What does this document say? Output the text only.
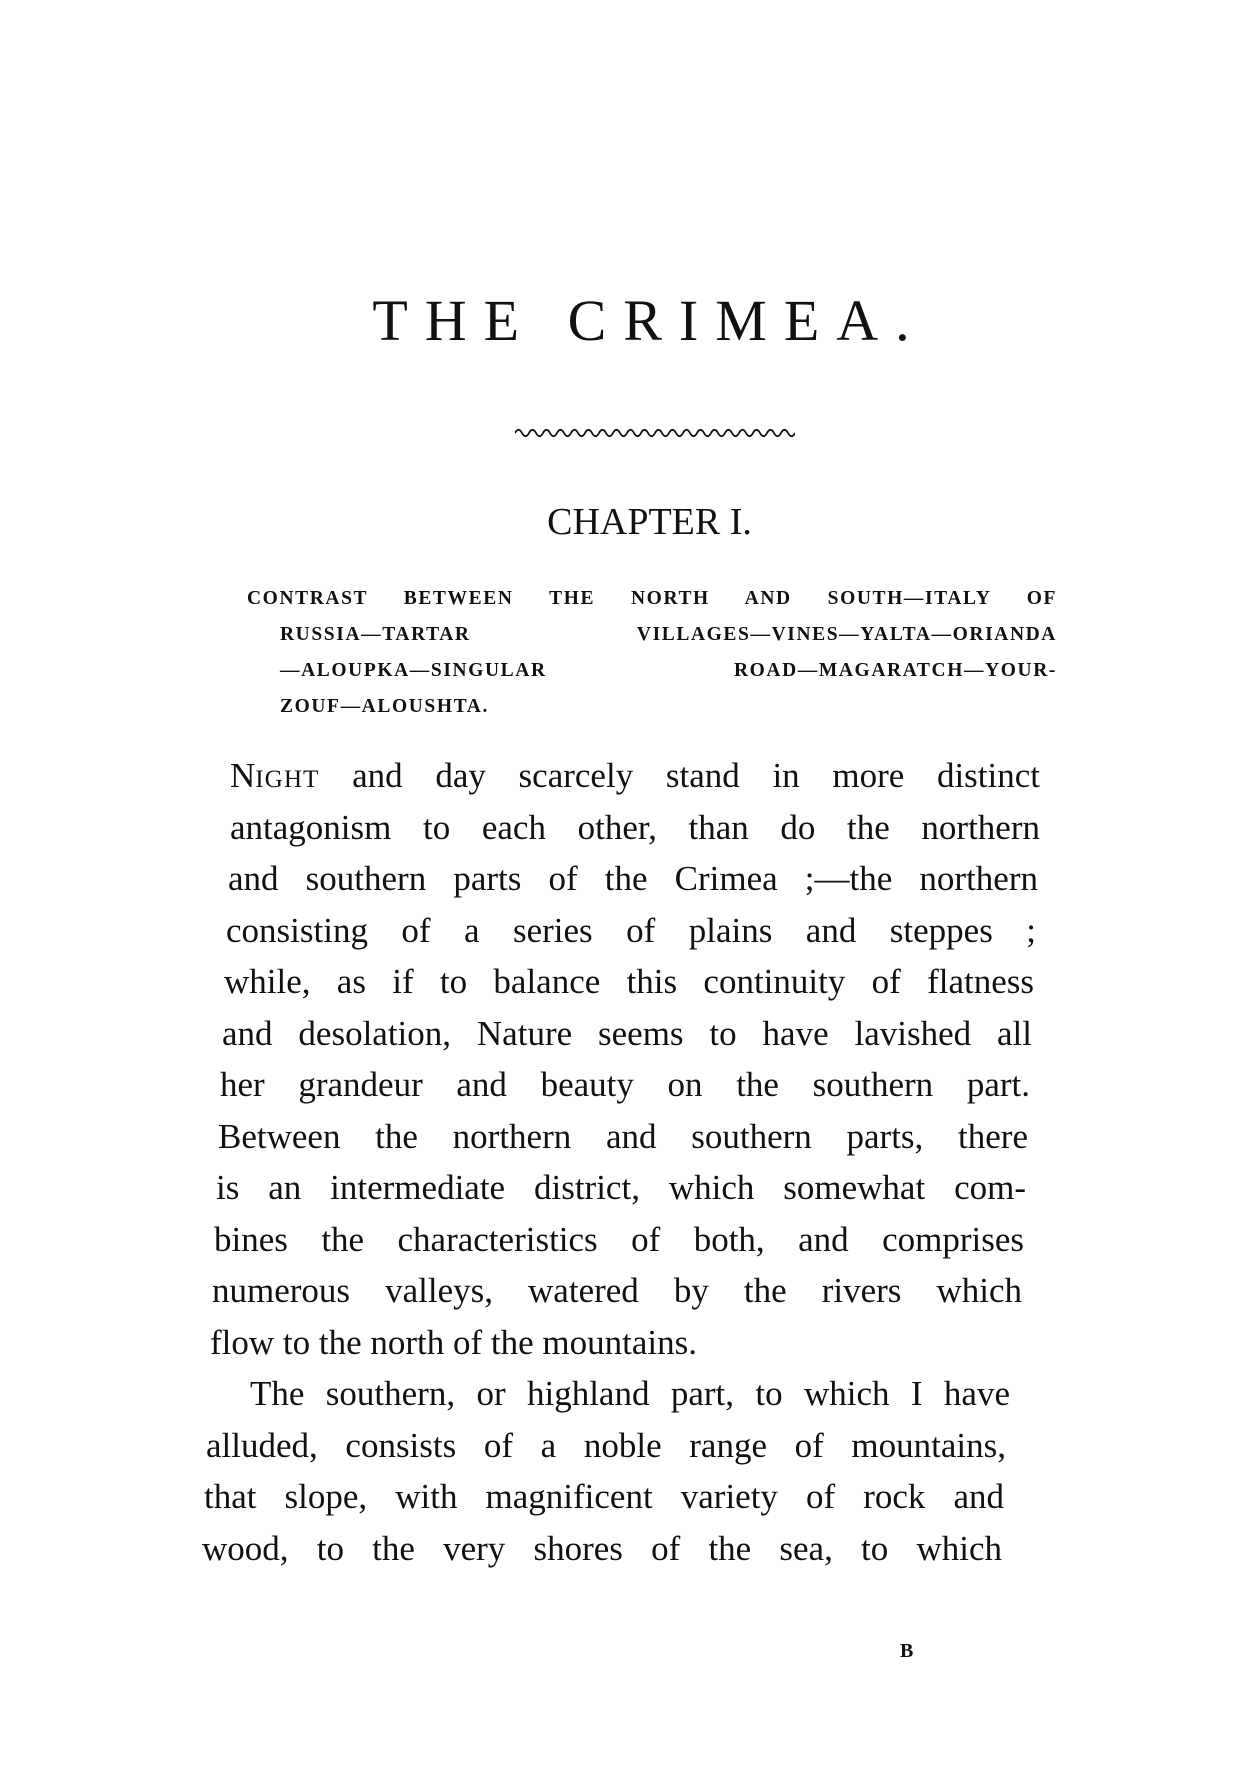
THE CRIMEA.
CHAPTER I.
CONTRAST BETWEEN THE NORTH AND SOUTH—ITALY OF
RUSSIA—TARTAR VILLAGES—VINES—YALTA—ORIANDA
—ALOUPKA—SINGULAR ROAD—MAGARATCH—YOUR-
ZOUF—ALOUSHTA.
NIGHT and day scarcely stand in more distinct
antagonism to each other, than do the northern
and southern parts of the Crimea ;—the northern
consisting of a series of plains and steppes ;
while, as if to balance this continuity of flatness
and desolation, Nature seems to have lavished all
her grandeur and beauty on the southern part.
Between the northern and southern parts, there
is an intermediate district, which somewhat com-
bines the characteristics of both, and comprises
numerous valleys, watered by the rivers which
flow to the north of the mountains.
The southern, or highland part, to which I have
alluded, consists of a noble range of mountains,
that slope, with magnificent variety of rock and
wood, to the very shores of the sea, to which
B
